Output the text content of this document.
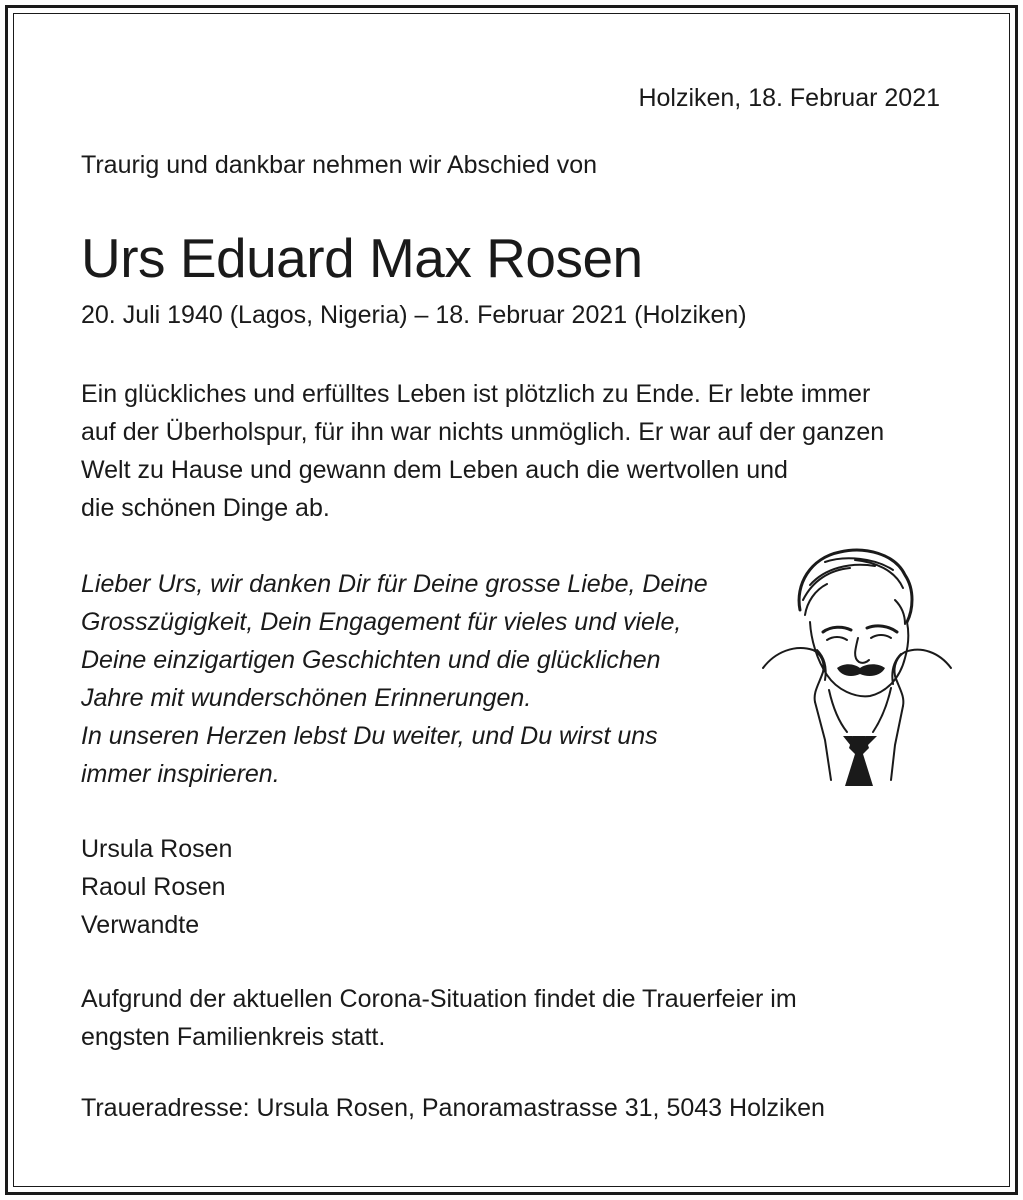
Holziken, 18. Februar 2021

Traurig und dankbar nehmen wir Abschied von

Urs Eduard Max Rosen

20. Juli 1940 (Lagos, Nigeria) – 18. Februar 2021 (Holziken)

Ein glückliches und erfülltes Leben ist plötzlich zu Ende. Er lebte immer
auf der Überholspur, für ihn war nichts unmöglich. Er war auf der ganzen
Welt zu Hause und gewann dem Leben auch die wertvollen und
die schönen Dinge ab.

Lieber Urs, wir danken Dir für Deine grosse Liebe, Deine
Grosszügigkeit, Dein Engagement für vieles und viele,
Deine einzigartigen Geschichten und die glücklichen
Jahre mit wunderschönen Erinnerungen.
In unseren Herzen lebst Du weiter, und Du wirst uns
immer inspirieren.

Ursula Rosen
Raoul Rosen
Verwandte

Aufgrund der aktuellen Corona-Situation findet die Trauerfeier im
engsten Familienkreis statt.

Traueradresse: Ursula Rosen, Panoramastrasse 31, 5043 Holziken
